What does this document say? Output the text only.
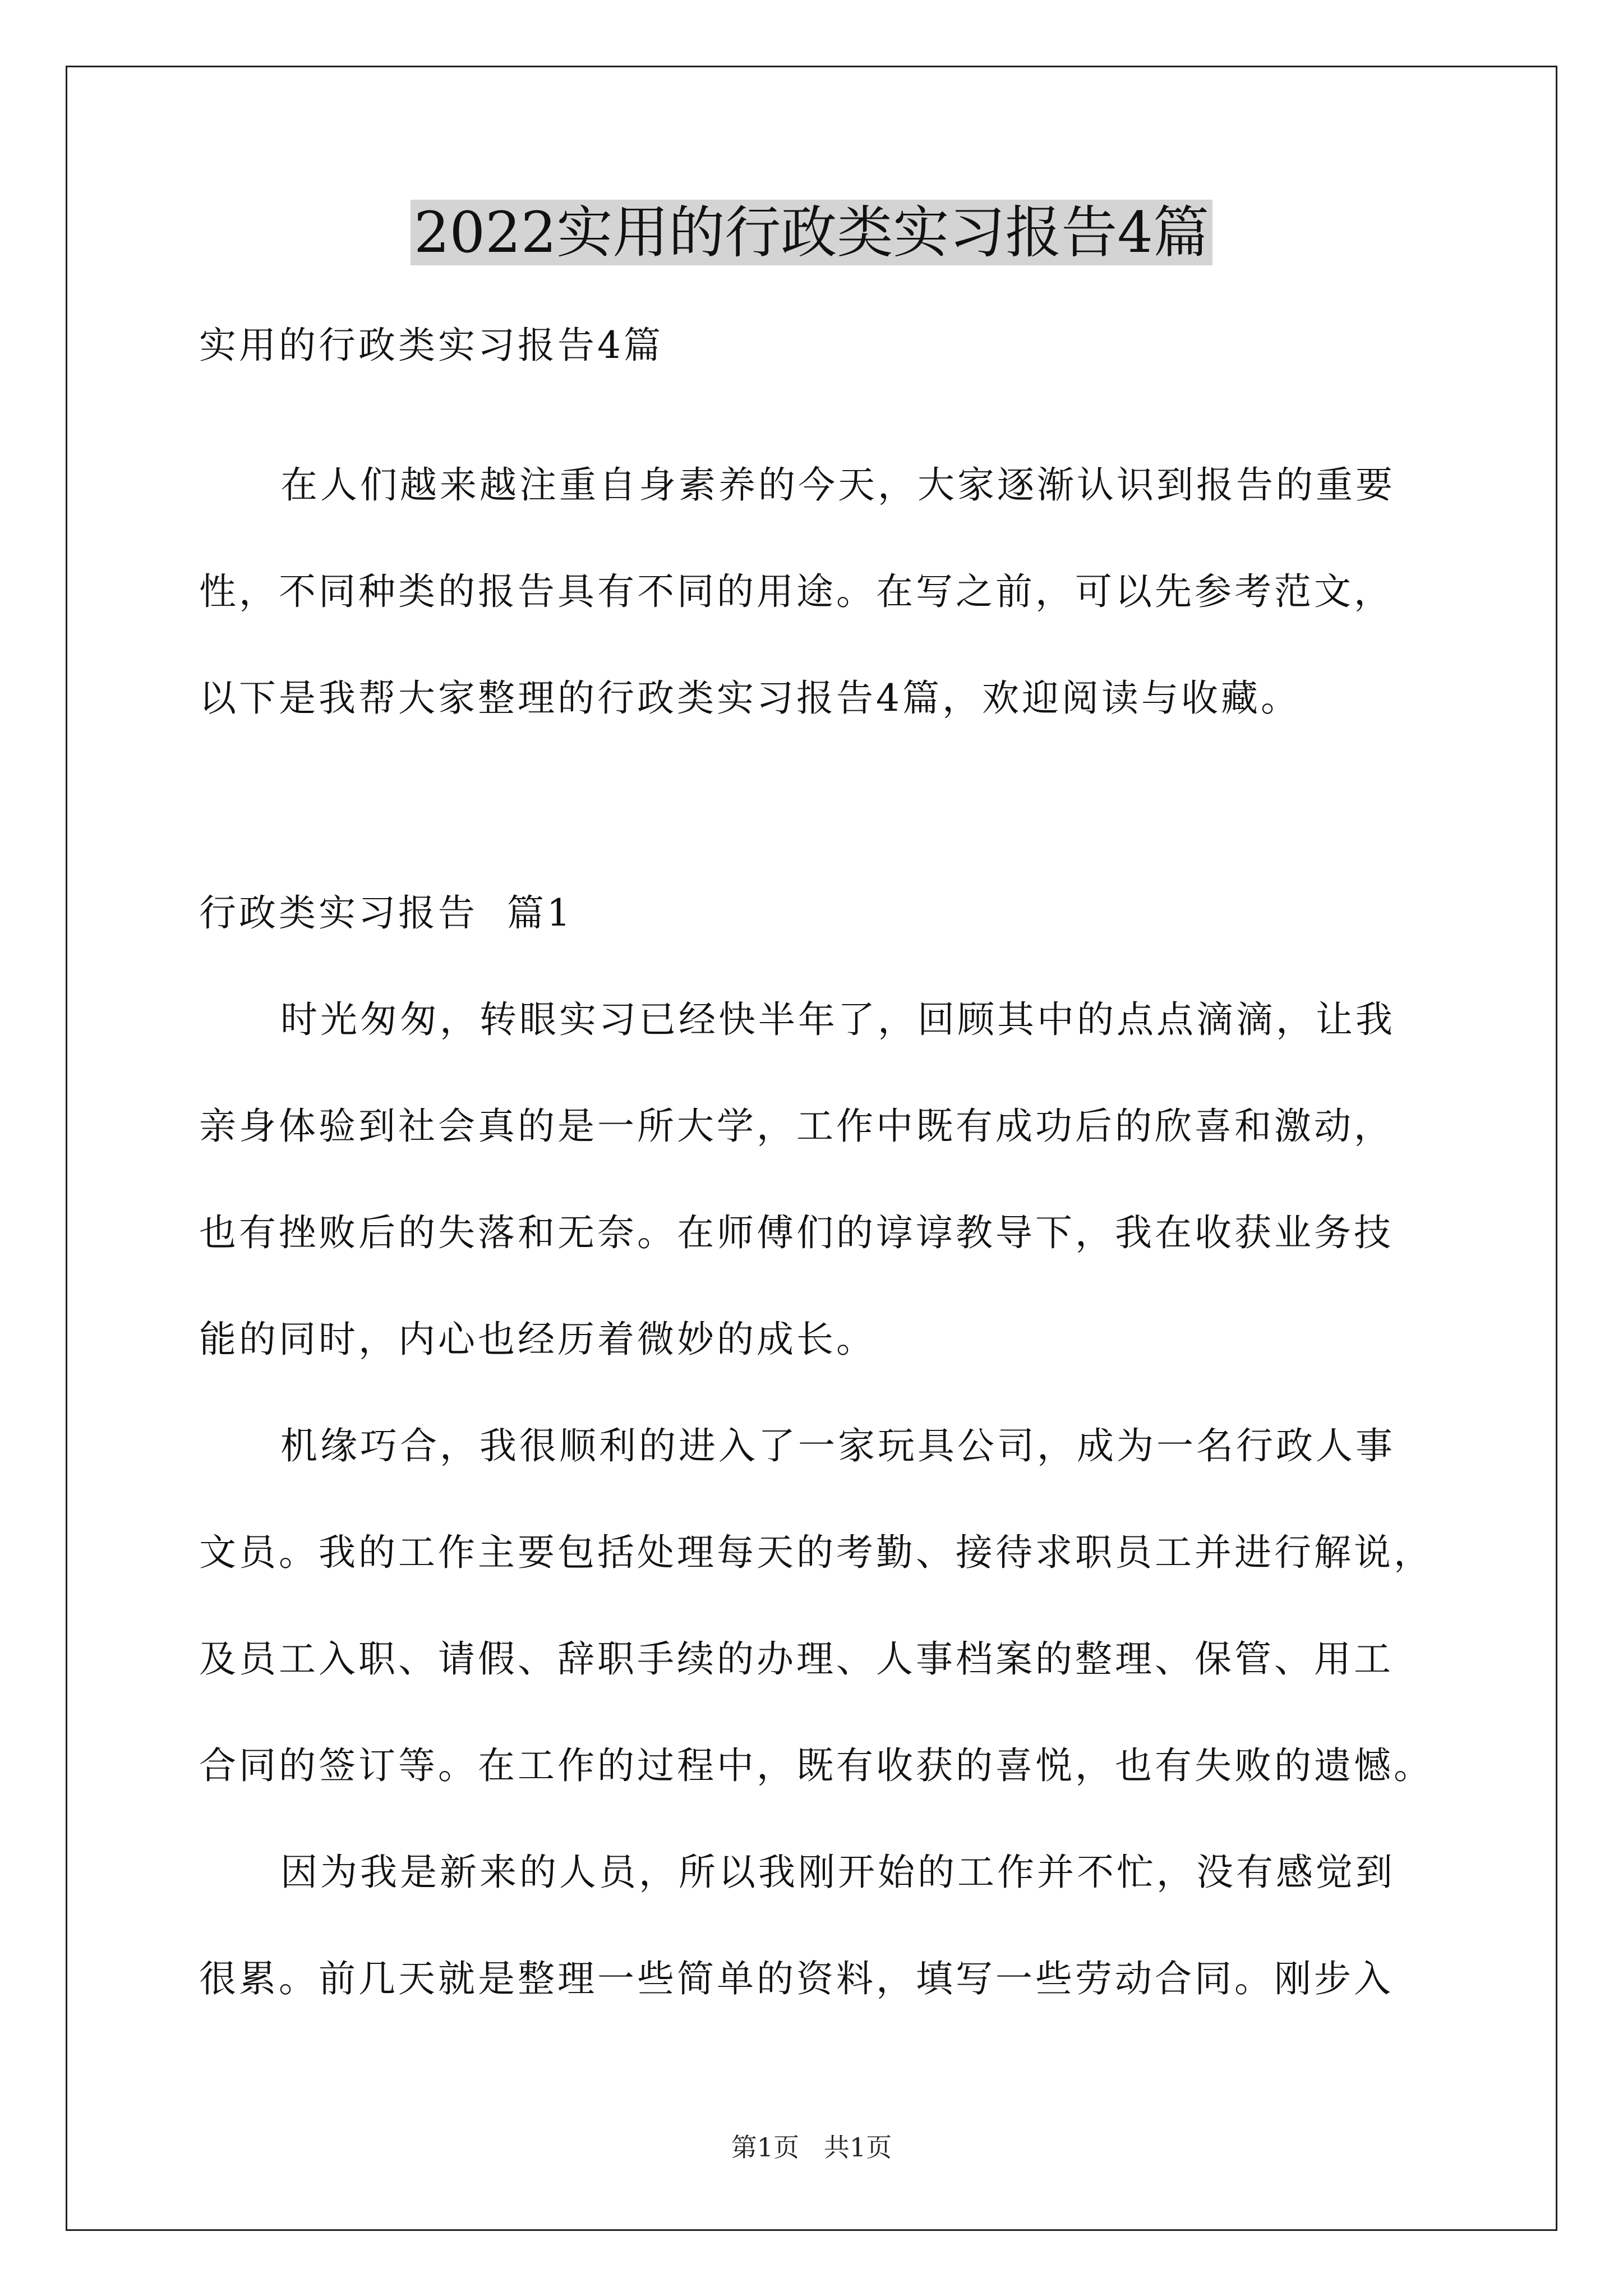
2022实用的行政类实习报告4篇
实用的行政类实习报告4篇
在人们越来越注重自身素养的今天，大家逐渐认识到报告的重要
性，不同种类的报告具有不同的用途。在写之前，可以先参考范文，
以下是我帮大家整理的行政类实习报告4篇，欢迎阅读与收藏。
行政类实习报告  篇1
时光匆匆，转眼实习已经快半年了，回顾其中的点点滴滴，让我
亲身体验到社会真的是一所大学，工作中既有成功后的欣喜和激动，
也有挫败后的失落和无奈。在师傅们的谆谆教导下，我在收获业务技
能的同时，内心也经历着微妙的成长。
机缘巧合，我很顺利的进入了一家玩具公司，成为一名行政人事
文员。我的工作主要包括处理每天的考勤、接待求职员工并进行解说，
及员工入职、请假、辞职手续的办理、人事档案的整理、保管、用工
合同的签订等。在工作的过程中，既有收获的喜悦，也有失败的遗憾。
因为我是新来的人员，所以我刚开始的工作并不忙，没有感觉到
很累。前几天就是整理一些简单的资料，填写一些劳动合同。刚步入
第1页   共1页
